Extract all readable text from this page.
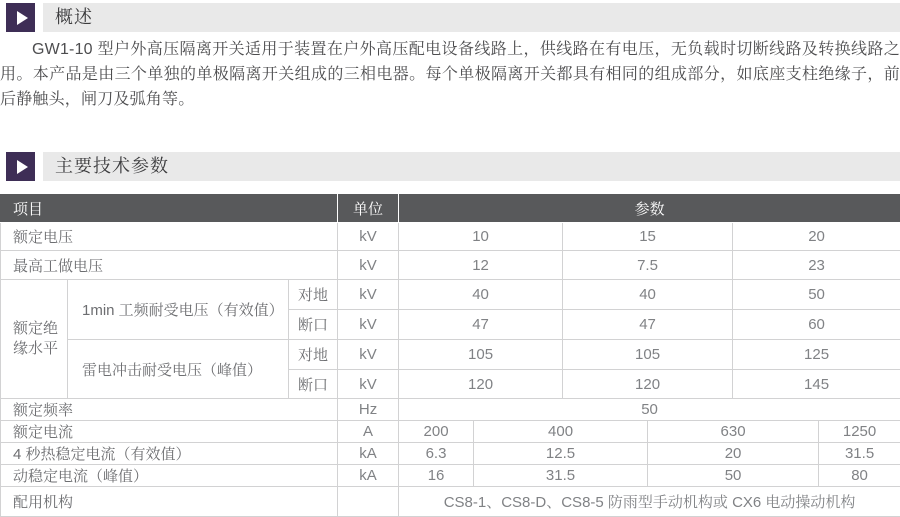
概述

GW1-10 型户外高压隔离开关适用于装置在户外高压配电设备线路上，供线路在有电压，无负载时切断线路及转换线路之用。本产品是由三个单独的单极隔离开关组成的三相电器。每个单极隔离开关都具有相同的组成部分，如底座支柱绝缘子，前后静触头，闸刀及弧角等。

主要技术参数
项目			单位	参数					
额定电压			kV	10		15		20	
最高工做电压			kV	12		7.5		23	
额定绝缘水平	1min 工频耐受电压（有效值）	对地	kV	40		40		50	
		断口	kV	47		47		60	
	雷电冲击耐受电压（峰值）	对地	kV	105		105		125	
		断口	kV	120		120		145	
额定频率			Hz	50					
额定电流			A	200	400		630		1250
4 秒热稳定电流（有效值）			kA	6.3	12.5		20		31.5
动稳定电流（峰值）			kA	16	31.5		50		80
配用机构				CS8-1、CS8-D、CS8-5 防雨型手动机构或 CX6 电动操动机构					
